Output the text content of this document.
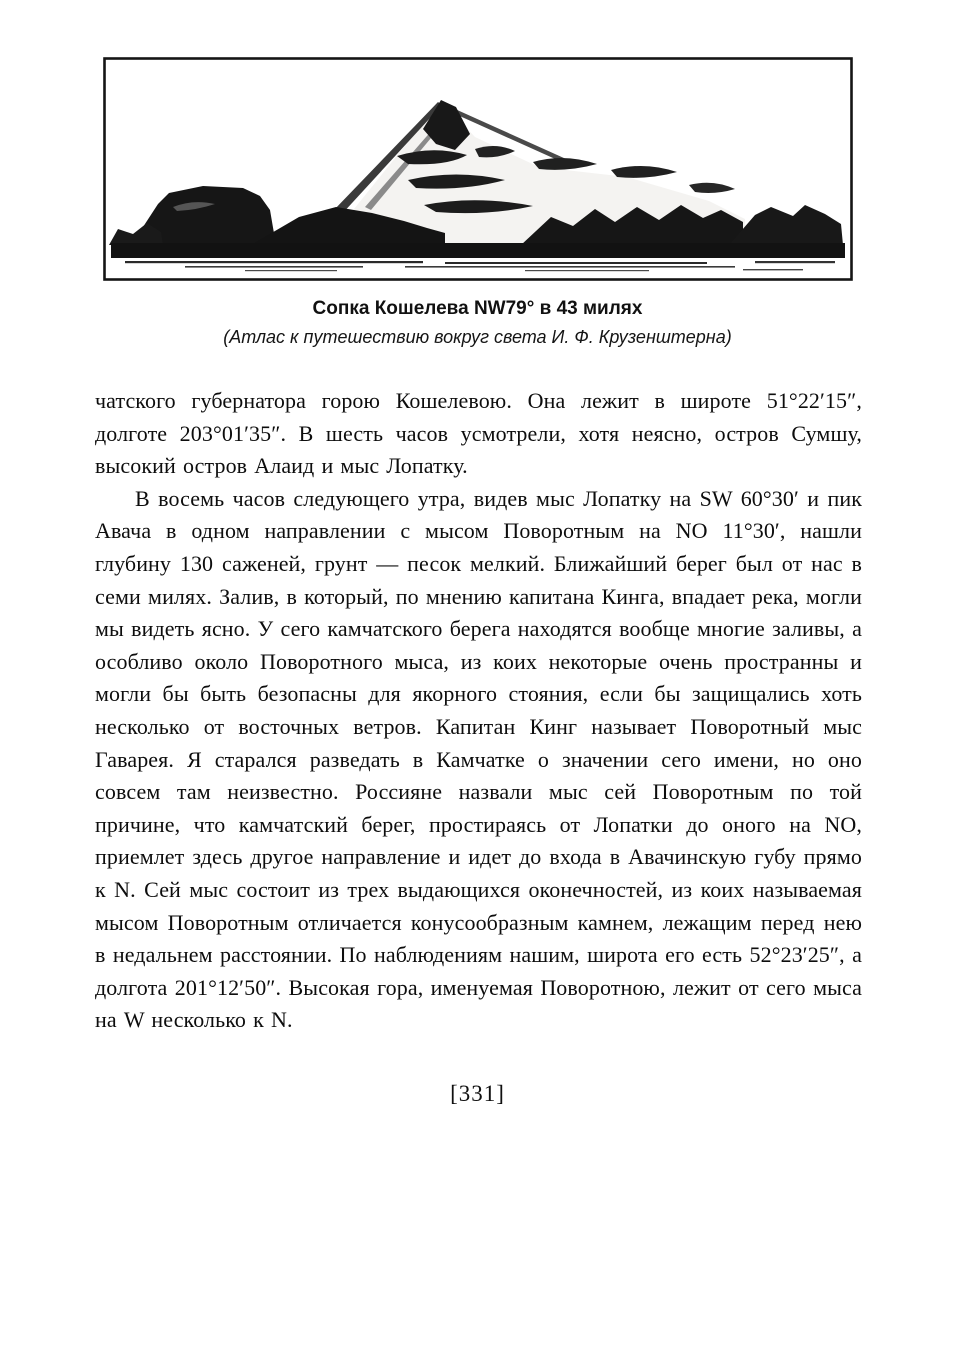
Сопка Кошелева NW79° в 43 милях
(Атлас к путешествию вокруг света И. Ф. Крузенштерна)

чатского губернатора горою Кошелевою. Она лежит в широте 51°22′15″, долготе 203°01′35″. В шесть часов усмотрели, хотя неясно, остров Сумшу, высокий остров Алаид и мыс Лопатку.

В восемь часов следующего утра, видев мыс Лопатку на SW 60°30′ и пик Авача в одном направлении с мысом Поворотным на NO 11°30′, нашли глубину 130 саженей, грунт — песок мелкий. Ближайший берег был от нас в семи милях. Залив, в который, по мнению капитана Кинга, впадает река, могли мы видеть ясно. У сего камчатского берега находятся вообще многие заливы, а особливо около Поворотного мыса, из коих некоторые очень пространны и могли бы быть безопасны для якорного стояния, если бы защищались хоть несколько от восточных ветров. Капитан Кинг называет Поворотный мыс Гаварея. Я старался разведать в Камчатке о значении сего имени, но оно совсем там неизвестно. Россияне назвали мыс сей Поворотным по той причине, что камчатский берег, простираясь от Лопатки до оного на NO, приемлет здесь другое направление и идет до входа в Авачинскую губу прямо к N. Сей мыс состоит из трех выдающихся оконечностей, из коих называемая мысом Поворотным отличается конусообразным камнем, лежащим перед нею в недальнем расстоянии. По наблюдениям нашим, широта его есть 52°23′25″, а долгота 201°12′50″. Высокая гора, именуемая Поворотною, лежит от сего мыса на W несколько к N.

[331]
